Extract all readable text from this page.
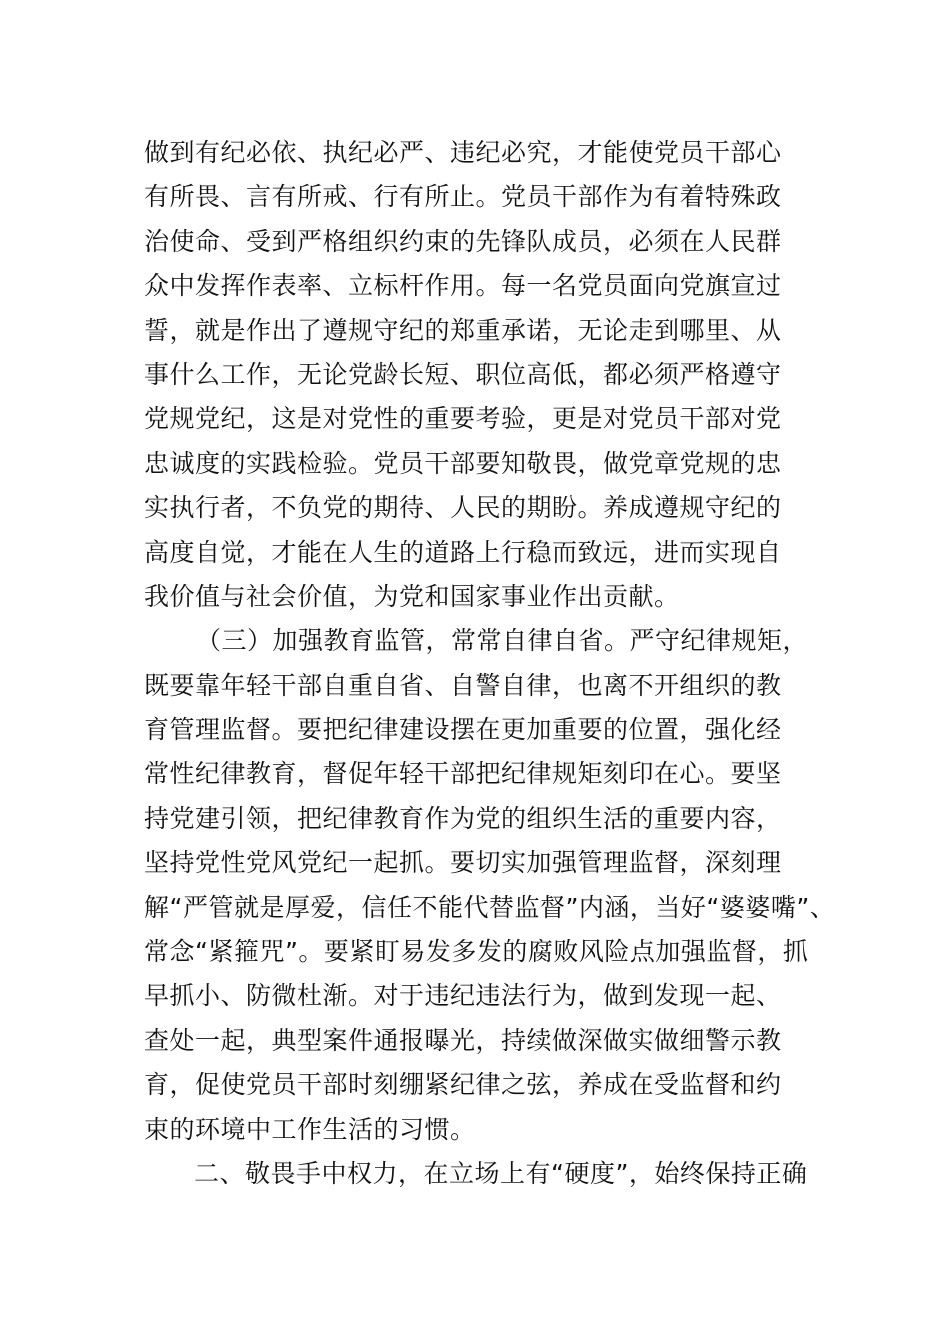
做到有纪必依、执纪必严、违纪必究，才能使党员干部心
有所畏、言有所戒、行有所止。党员干部作为有着特殊政
治使命、受到严格组织约束的先锋队成员，必须在人民群
众中发挥作表率、立标杆作用。每一名党员面向党旗宣过
誓，就是作出了遵规守纪的郑重承诺，无论走到哪里、从
事什么工作，无论党龄长短、职位高低，都必须严格遵守
党规党纪，这是对党性的重要考验，更是对党员干部对党
忠诚度的实践检验。党员干部要知敬畏，做党章党规的忠
实执行者，不负党的期待、人民的期盼。养成遵规守纪的
高度自觉，才能在人生的道路上行稳而致远，进而实现自
我价值与社会价值，为党和国家事业作出贡献。
（三）加强教育监管，常常自律自省。严守纪律规矩，
既要靠年轻干部自重自省、自警自律，也离不开组织的教
育管理监督。要把纪律建设摆在更加重要的位置，强化经
常性纪律教育，督促年轻干部把纪律规矩刻印在心。要坚
持党建引领，把纪律教育作为党的组织生活的重要内容，
坚持党性党风党纪一起抓。要切实加强管理监督，深刻理
解“严管就是厚爱，信任不能代替监督”内涵，当好“婆婆嘴”、
常念“紧箍咒”。要紧盯易发多发的腐败风险点加强监督，抓
早抓小、防微杜渐。对于违纪违法行为，做到发现一起、
查处一起，典型案件通报曝光，持续做深做实做细警示教
育，促使党员干部时刻绷紧纪律之弦，养成在受监督和约
束的环境中工作生活的习惯。
二、敬畏手中权力，在立场上有“硬度”，始终保持正确
